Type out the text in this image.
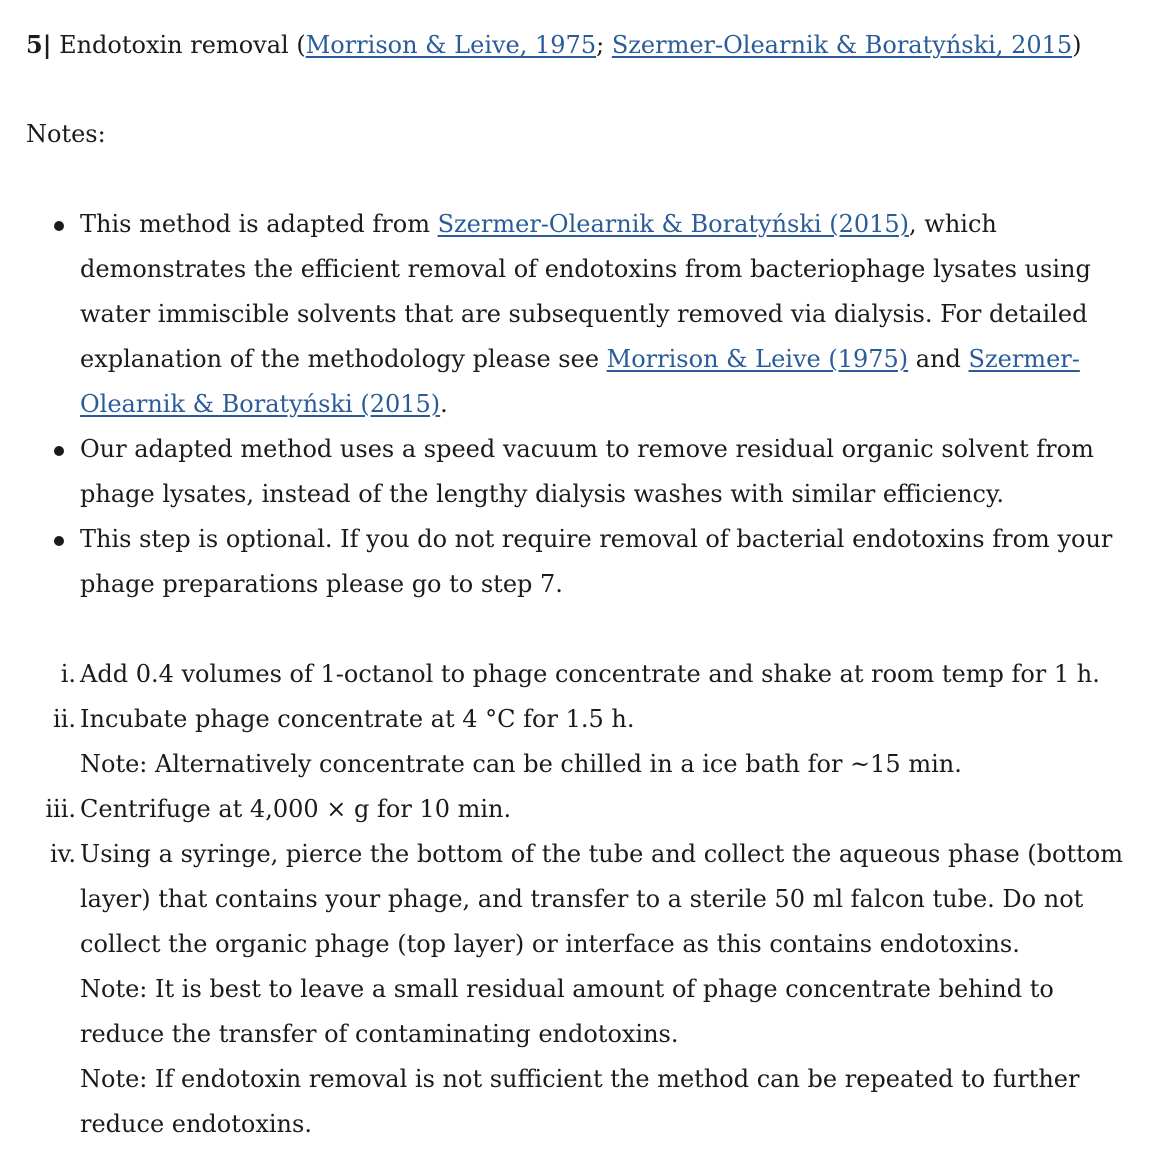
5| Endotoxin removal (Morrison & Leive, 1975; Szermer-Olearnik & Boratyński, 2015)

Notes:

This method is adapted from Szermer-Olearnik & Boratyński (2015), which demonstrates the efficient removal of endotoxins from bacteriophage lysates using water immiscible solvents that are subsequently removed via dialysis. For detailed explanation of the methodology please see Morrison & Leive (1975) and Szermer-Olearnik & Boratyński (2015).
Our adapted method uses a speed vacuum to remove residual organic solvent from phage lysates, instead of the lengthy dialysis washes with similar efficiency.
This step is optional. If you do not require removal of bacterial endotoxins from your phage preparations please go to step 7.
i. Add 0.4 volumes of 1-octanol to phage concentrate and shake at room temp for 1 h.
ii. Incubate phage concentrate at 4 °C for 1.5 h.
Note: Alternatively concentrate can be chilled in a ice bath for ~15 min.
iii. Centrifuge at 4,000 × g for 10 min.
iv. Using a syringe, pierce the bottom of the tube and collect the aqueous phase (bottom layer) that contains your phage, and transfer to a sterile 50 ml falcon tube. Do not collect the organic phage (top layer) or interface as this contains endotoxins.
Note: It is best to leave a small residual amount of phage concentrate behind to reduce the transfer of contaminating endotoxins.
Note: If endotoxin removal is not sufficient the method can be repeated to further reduce endotoxins.
